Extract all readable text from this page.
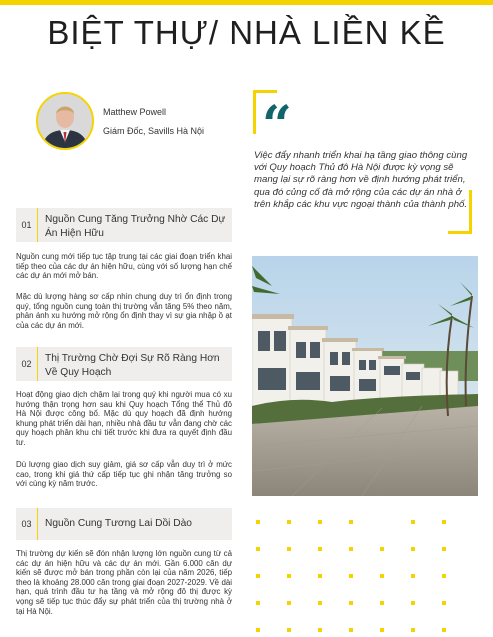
BIỆT THỰ/ NHÀ LIỀN KỀ
Matthew Powell
Giám Đốc, Savills Hà Nội “

Việc đẩy nhanh triển khai hạ tầng giao thông cùng với Quy hoạch Thủ đô Hà Nội được kỳ vọng sẽ mang lại sự rõ ràng hơn về định hướng phát triển, qua đó củng cố đà mở rộng của các dự án nhà ở trên khắp các khu vực ngoại thành của thành phố.

01	Nguồn Cung Tăng Trưởng Nhờ Các Dự Án Hiện Hữu

Nguồn cung mới tiếp tục tập trung tại các giai đoạn triển khai tiếp theo của các dự án hiện hữu, cùng với số lượng hạn chế các dự án mới mở bán.

Mặc dù lượng hàng sơ cấp nhìn chung duy trì ổn định trong quý, tổng nguồn cung toàn thị trường vẫn tăng 5% theo năm, phản ánh xu hướng mở rộng ổn định thay vì sự gia nhập ồ ạt của các dự án mới.

02	Thị Trường Chờ Đợi Sự Rõ Ràng Hơn Về Quy Hoạch

Hoạt động giao dịch chậm lại trong quý khi người mua có xu hướng thận trọng hơn sau khi Quy hoạch Tổng thể Thủ đô Hà Nội được công bố. Mặc dù quy hoạch đã định hướng khung phát triển dài hạn, nhiều nhà đầu tư vẫn đang chờ các quy hoạch phân khu chi tiết trước khi đưa ra quyết định đầu tư.

Dù lượng giao dịch suy giảm, giá sơ cấp vẫn duy trì ở mức cao, trong khi giá thứ cấp tiếp tục ghi nhận tăng trưởng so với cùng kỳ năm trước.

03	Nguồn Cung Tương Lai Dồi Dào

Thị trường dự kiến sẽ đón nhận lượng lớn nguồn cung từ cả các dự án hiện hữu và các dự án mới. Gần 6.000 căn dự kiến sẽ được mở bán trong phần còn lại của năm 2026, tiếp theo là khoảng 28.000 căn trong giai đoạn 2027-2029. Về dài hạn, quá trình đầu tư hạ tầng và mở rộng đô thị được kỳ vọng sẽ tiếp tục thúc đẩy sự phát triển của thị trường nhà ở tại Hà Nội.
